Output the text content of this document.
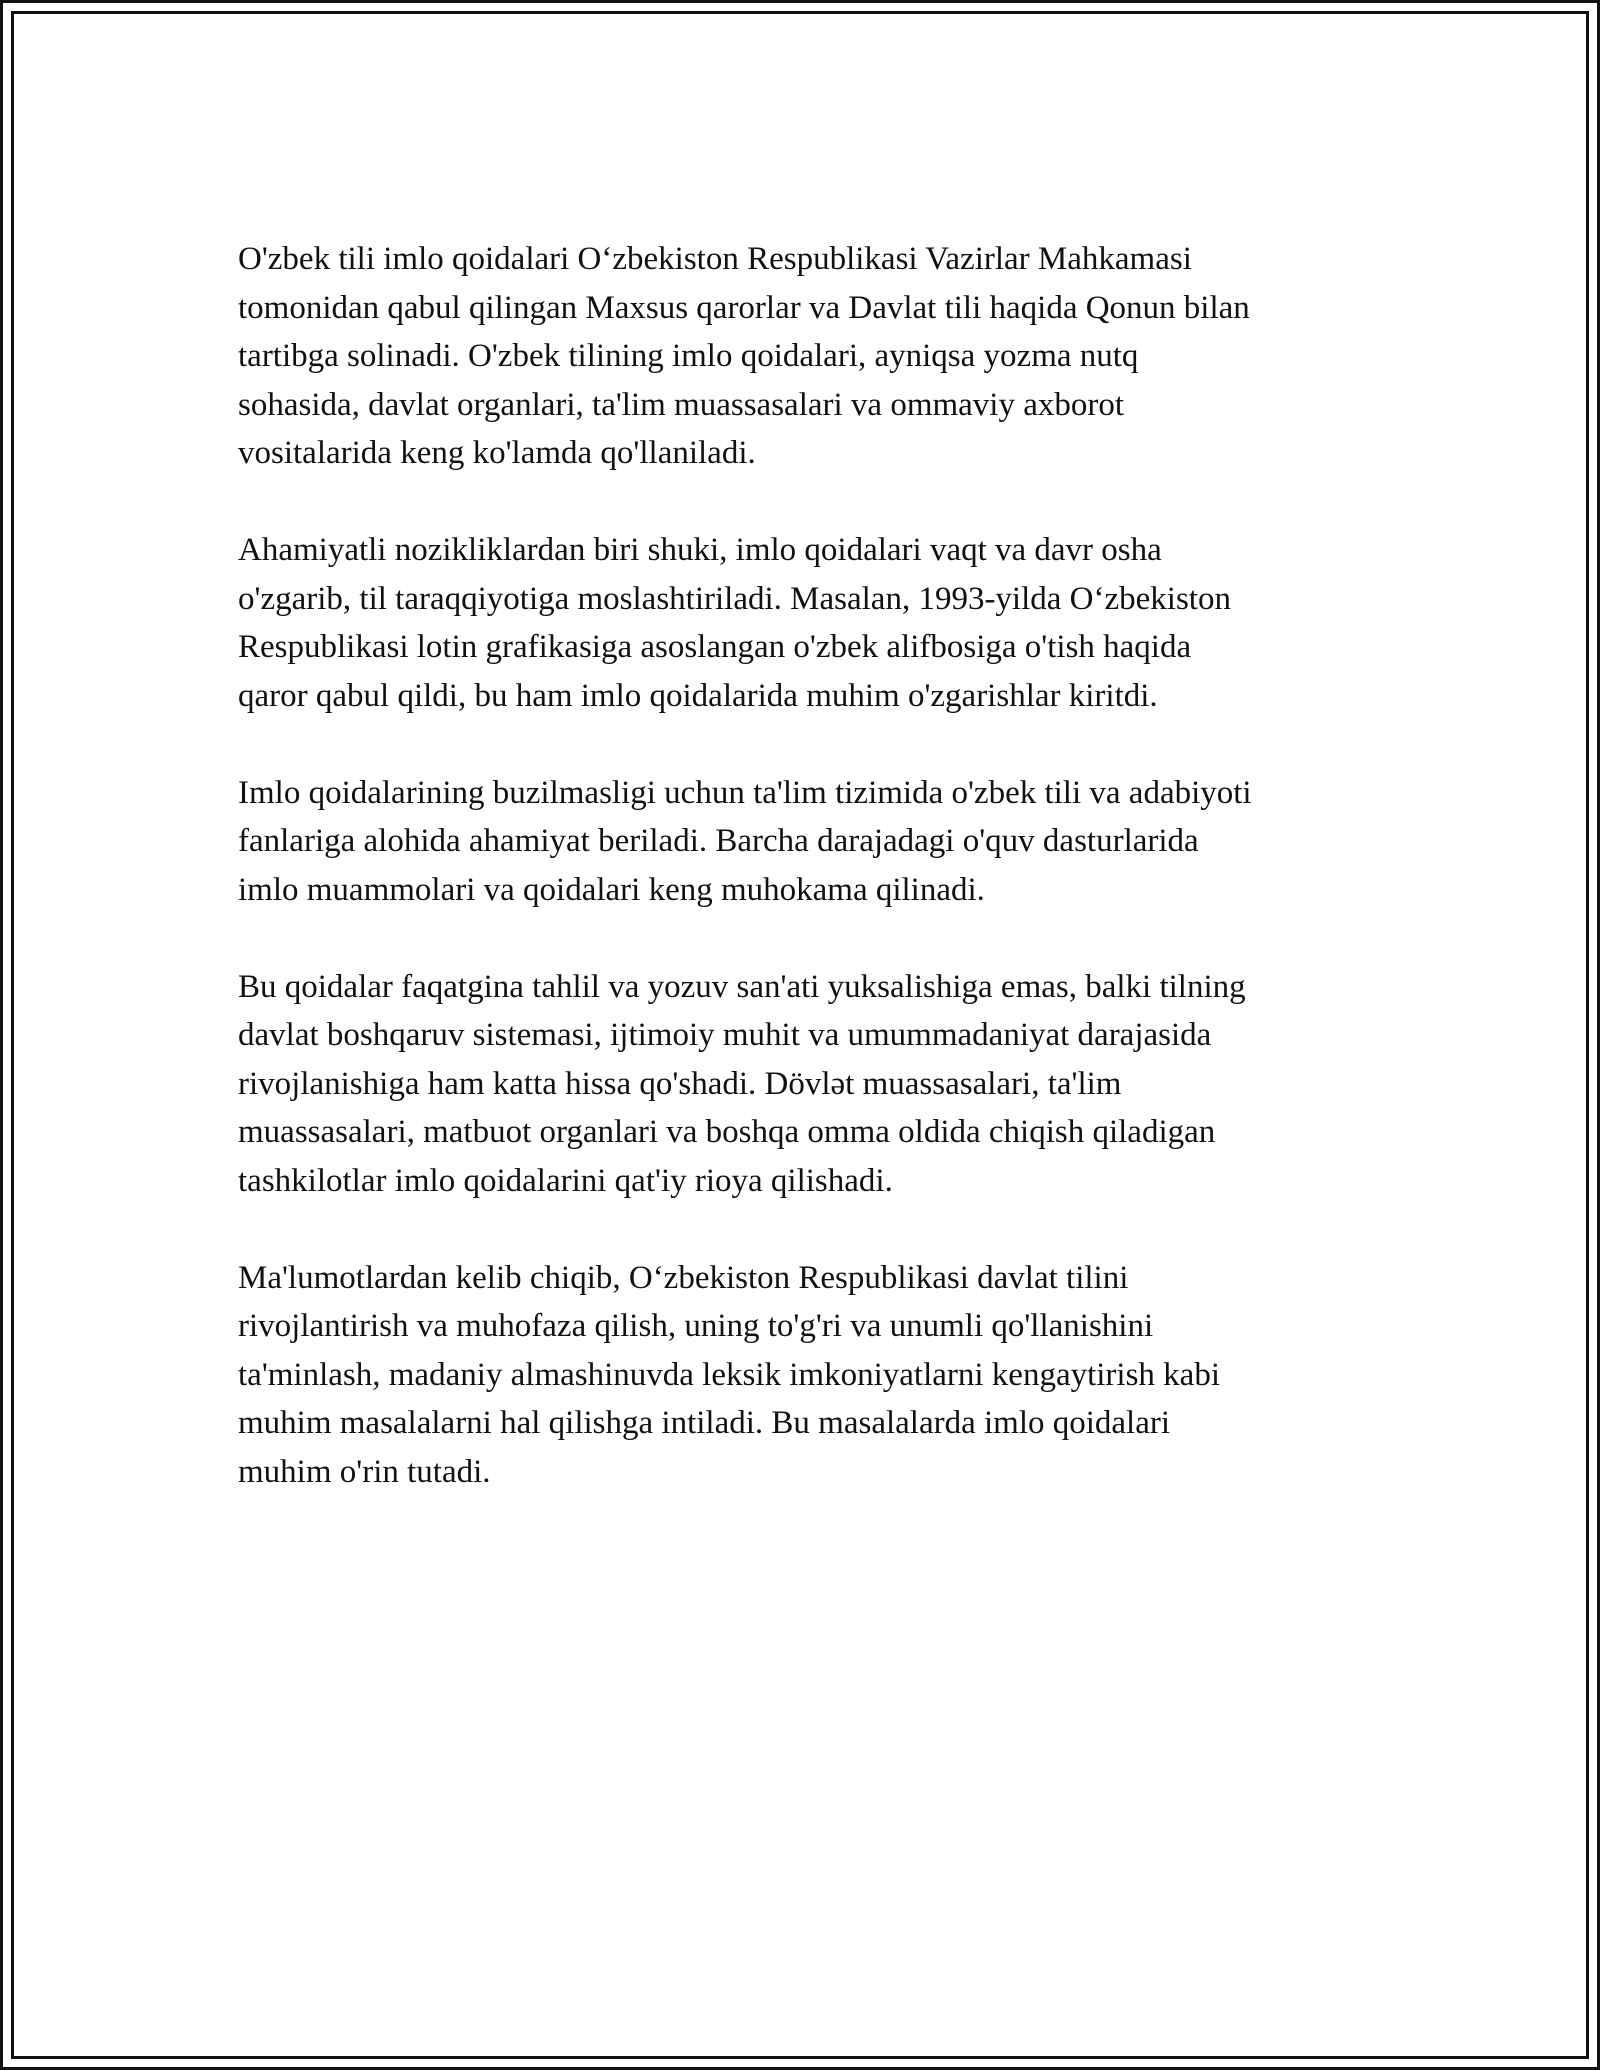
O'zbek tili imlo qoidalari O‘zbekiston Respublikasi Vazirlar Mahkamasi
tomonidan qabul qilingan Maxsus qarorlar va Davlat tili haqida Qonun bilan
tartibga solinadi. O'zbek tilining imlo qoidalari, ayniqsa yozma nutq
sohasida, davlat organlari, ta'lim muassasalari va ommaviy axborot
vositalarida keng ko'lamda qo'llaniladi.

Ahamiyatli nozikliklardan biri shuki, imlo qoidalari vaqt va davr osha
o'zgarib, til taraqqiyotiga moslashtiriladi. Masalan, 1993-yilda O‘zbekiston
Respublikasi lotin grafikasiga asoslangan o'zbek alifbosiga o'tish haqida
qaror qabul qildi, bu ham imlo qoidalarida muhim o'zgarishlar kiritdi.

Imlo qoidalarining buzilmasligi uchun ta'lim tizimida o'zbek tili va adabiyoti
fanlariga alohida ahamiyat beriladi. Barcha darajadagi o'quv dasturlarida
imlo muammolari va qoidalari keng muhokama qilinadi.

Bu qoidalar faqatgina tahlil va yozuv san'ati yuksalishiga emas, balki tilning
davlat boshqaruv sistemasi, ijtimoiy muhit va umummadaniyat darajasida
rivojlanishiga ham katta hissa qo'shadi. Dövlət muassasalari, ta'lim
muassasalari, matbuot organlari va boshqa omma oldida chiqish qiladigan
tashkilotlar imlo qoidalarini qat'iy rioya qilishadi.

Ma'lumotlardan kelib chiqib, O‘zbekiston Respublikasi davlat tilini
rivojlantirish va muhofaza qilish, uning to'g'ri va unumli qo'llanishini
ta'minlash, madaniy almashinuvda leksik imkoniyatlarni kengaytirish kabi
muhim masalalarni hal qilishga intiladi. Bu masalalarda imlo qoidalari
muhim o'rin tutadi.
